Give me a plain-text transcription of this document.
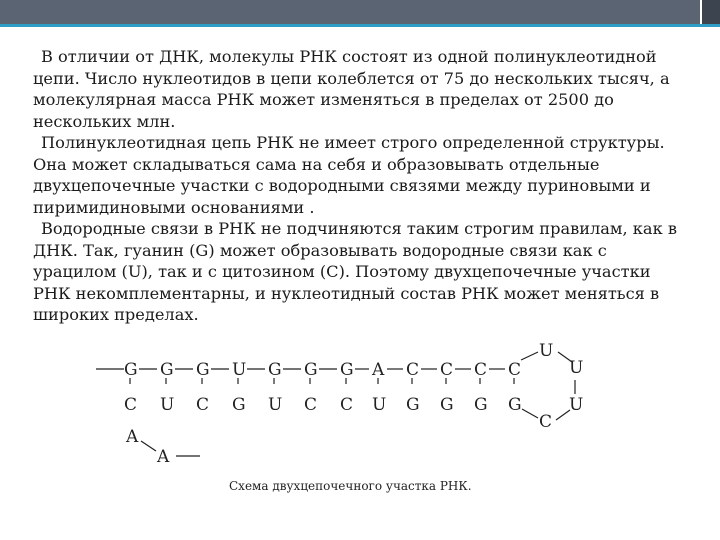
В отличии от ДНК, молекулы РНК состоят из одной полинуклеотидной цепи. Число нуклеотидов в цепи колеблется от 75 до нескольких тысяч, а молекулярная масса РНК может изменяться в пределах от 2500 до нескольких млн.

Полинуклеотидная цепь РНК не имеет строго определенной структуры. Она может складываться сама на себя и образовывать отдельные двухцепочечные участки с водородными связями между пуриновыми и пиримидиновыми основаниями .

Водородные связи в РНК не подчиняются таким строгим правилам, как в ДНК. Так, гуанин (G) может образовывать водородные связи как с урацилом (U), так и с цитозином (C). Поэтому двухцепочечные участки РНК некомплементарны, и нуклеотидный состав РНК может меняться в широких пределах.

G G G U G G G A C C C C
C U C G U C C U G G G G
U
U
U
C
A
A
Схема двухцепочечного участка РНК.
